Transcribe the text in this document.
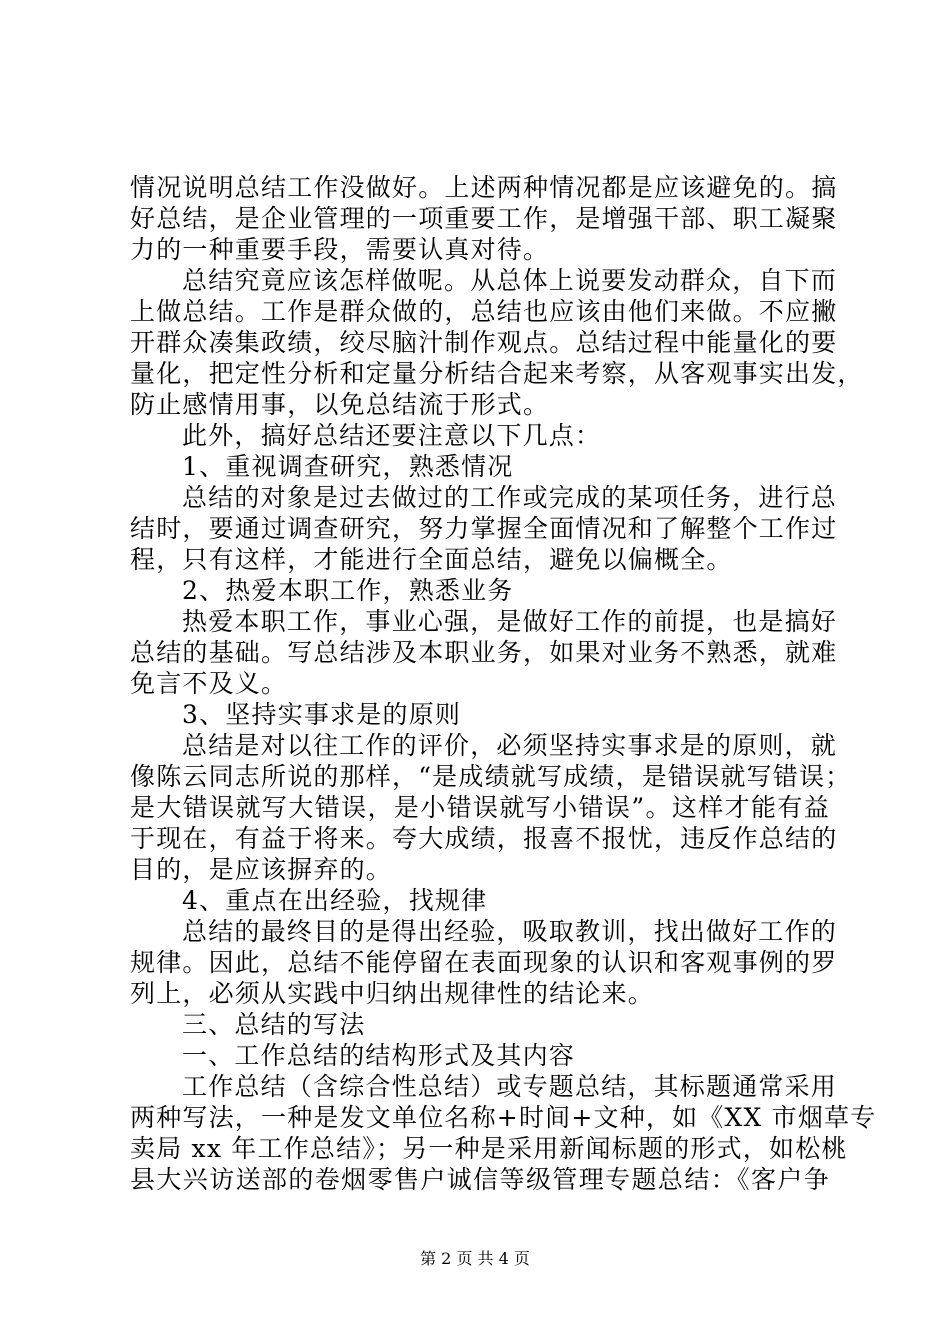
情况说明总结工作没做好。上述两种情况都是应该避免的。搞
好总结，是企业管理的一项重要工作，是增强干部、职工凝聚
力的一种重要手段，需要认真对待。
总结究竟应该怎样做呢。从总体上说要发动群众，自下而
上做总结。工作是群众做的，总结也应该由他们来做。不应撇
开群众凑集政绩，绞尽脑汁制作观点。总结过程中能量化的要
量化，把定性分析和定量分析结合起来考察，从客观事实出发，
防止感情用事，以免总结流于形式。
此外，搞好总结还要注意以下几点：
1、重视调查研究，熟悉情况
总结的对象是过去做过的工作或完成的某项任务，进行总
结时，要通过调查研究，努力掌握全面情况和了解整个工作过
程，只有这样，才能进行全面总结，避免以偏概全。
2、热爱本职工作，熟悉业务
热爱本职工作，事业心强，是做好工作的前提，也是搞好
总结的基础。写总结涉及本职业务，如果对业务不熟悉，就难
免言不及义。
3、坚持实事求是的原则
总结是对以往工作的评价，必须坚持实事求是的原则，就
像陈云同志所说的那样，“是成绩就写成绩，是错误就写错误；
是大错误就写大错误，是小错误就写小错误”。这样才能有益
于现在，有益于将来。夸大成绩，报喜不报忧，违反作总结的
目的，是应该摒弃的。
4、重点在出经验，找规律
总结的最终目的是得出经验，吸取教训，找出做好工作的
规律。因此，总结不能停留在表面现象的认识和客观事例的罗
列上，必须从实践中归纳出规律性的结论来。
三、总结的写法
一、工作总结的结构形式及其内容
工作总结（含综合性总结）或专题总结，其标题通常采用
两种写法，一种是发文单位名称+时间+文种，如《XX 市烟草专
卖局 xx 年工作总结》；另一种是采用新闻标题的形式，如松桃
县大兴访送部的卷烟零售户诚信等级管理专题总结：《客户争
第 2 页 共 4 页
